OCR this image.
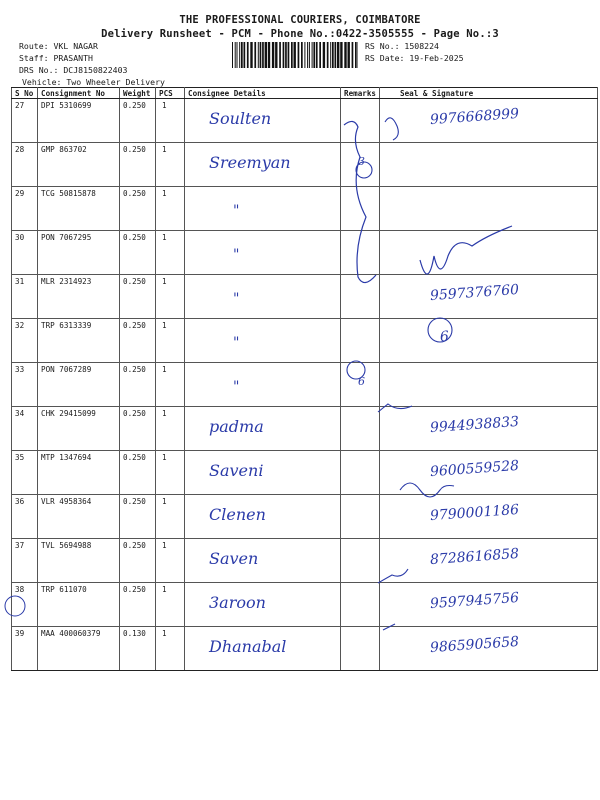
THE PROFESSIONAL COURIERS, COIMBATORE
Delivery Runsheet - PCM - Phone No.:0422-3505555 - Page No.:3
Route: VKL NAGAR
Staff: PRASANTH
DRS No.: DCJ8150822403
Vehicle: Two Wheeler Delivery
RS No.: 1508224
RS Date: 19-Feb-2025
S No	Consignment No	Weight	PCS	Consignee Details	Remarks	Seal & Signature
27	DPI 5310699	0.250	1	Soulten		9976668999

28	GMP 863702	0.250	1	Sreemyan	3	

29	TCG 50815878	0.250	1	"		

30	PON 7067295	0.250	1	"		

31	MLR 2314923	0.250	1	"		9597376760

32	TRP 6313339	0.250	1	"		6

33	PON 7067289	0.250	1	"	6	

34	CHK 29415099	0.250	1	padma		9944938833

35	MTP 1347694	0.250	1	Saveni		9600559528

36	VLR 4958364	0.250	1	Clenen		9790001186

37	TVL 5694988	0.250	1	Saven		8728616858

38	TRP 611070	0.250	1	3aroon		9597945756

39	MAA 400060379	0.130	1	Dhanabal		9865905658
